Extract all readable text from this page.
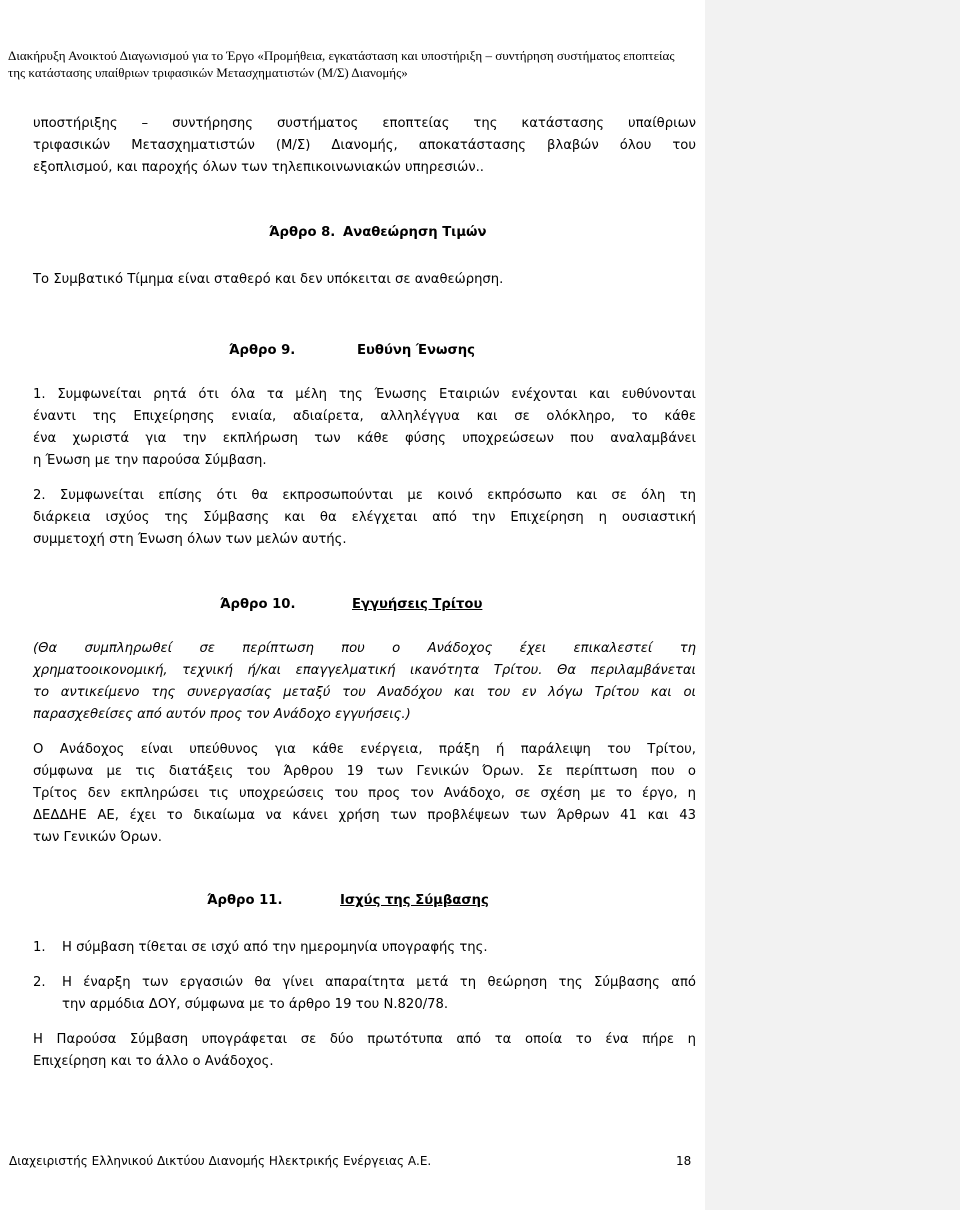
Διακήρυξη Ανοικτού Διαγωνισμού για το Έργο «Προμήθεια, εγκατάσταση και υποστήριξη – συντήρηση συστήματος εποπτείας
της κατάστασης υπαίθριων τριφασικών Μετασχηματιστών (Μ/Σ) Διανομής»
υποστήριξης – συντήρησης συστήματος εποπτείας της κατάστασης υπαίθριων
τριφασικών Μετασχηματιστών (Μ/Σ) Διανομής, αποκατάστασης βλαβών όλου του
εξοπλισμού, και παροχής όλων των τηλεπικοινωνιακών υπηρεσιών..
Άρθρο 8. Αναθεώρηση Τιμών
Το Συμβατικό Τίμημα είναι σταθερό και δεν υπόκειται σε αναθεώρηση.
Άρθρο 9.	Ευθύνη Ένωσης
1. Συμφωνείται ρητά ότι όλα τα μέλη της Ένωσης Εταιριών ενέχονται και ευθύνονται
έναντι της Επιχείρησης ενιαία, αδιαίρετα, αλληλέγγυα και σε ολόκληρο, το κάθε
ένα χωριστά για την εκπλήρωση των κάθε φύσης υποχρεώσεων που αναλαμβάνει
η Ένωση με την παρούσα Σύμβαση.
2. Συμφωνείται επίσης ότι θα εκπροσωπούνται με κοινό εκπρόσωπο και σε όλη τη
διάρκεια ισχύος της Σύμβασης και θα ελέγχεται από την Επιχείρηση η ουσιαστική
συμμετοχή στη Ένωση όλων των μελών αυτής.
Άρθρο 10.	Εγγυήσεις Τρίτου
(Θα συμπληρωθεί σε περίπτωση που ο Ανάδοχος έχει επικαλεστεί τη
χρηματοοικονομική, τεχνική ή/και επαγγελματική ικανότητα Τρίτου. Θα περιλαμβάνεται
το αντικείμενο της συνεργασίας μεταξύ του Αναδόχου και του εν λόγω Τρίτου και οι
παρασχεθείσες από αυτόν προς τον Ανάδοχο εγγυήσεις.)
Ο Ανάδοχος είναι υπεύθυνος για κάθε ενέργεια, πράξη ή παράλειψη του Τρίτου,
σύμφωνα με τις διατάξεις του Άρθρου 19 των Γενικών Όρων. Σε περίπτωση που ο
Τρίτος δεν εκπληρώσει τις υποχρεώσεις του προς τον Ανάδοχο, σε σχέση με το έργο, η
ΔΕΔΔΗΕ ΑΕ, έχει το δικαίωμα να κάνει χρήση των προβλέψεων των Άρθρων 41 και 43
των Γενικών Όρων.
Άρθρο 11.	Ισχύς της Σύμβασης
1. Η σύμβαση τίθεται σε ισχύ από την ημερομηνία υπογραφής της.
2. Η έναρξη των εργασιών θα γίνει απαραίτητα μετά τη θεώρηση της Σύμβασης από
την αρμόδια ΔΟΥ, σύμφωνα με το άρθρο 19 του Ν.820/78.
Η Παρούσα Σύμβαση υπογράφεται σε δύο πρωτότυπα από τα οποία το ένα πήρε η
Επιχείρηση και το άλλο ο Ανάδοχος.
Διαχειριστής Ελληνικού Δικτύου Διανομής Ηλεκτρικής Ενέργειας Α.Ε.	18
